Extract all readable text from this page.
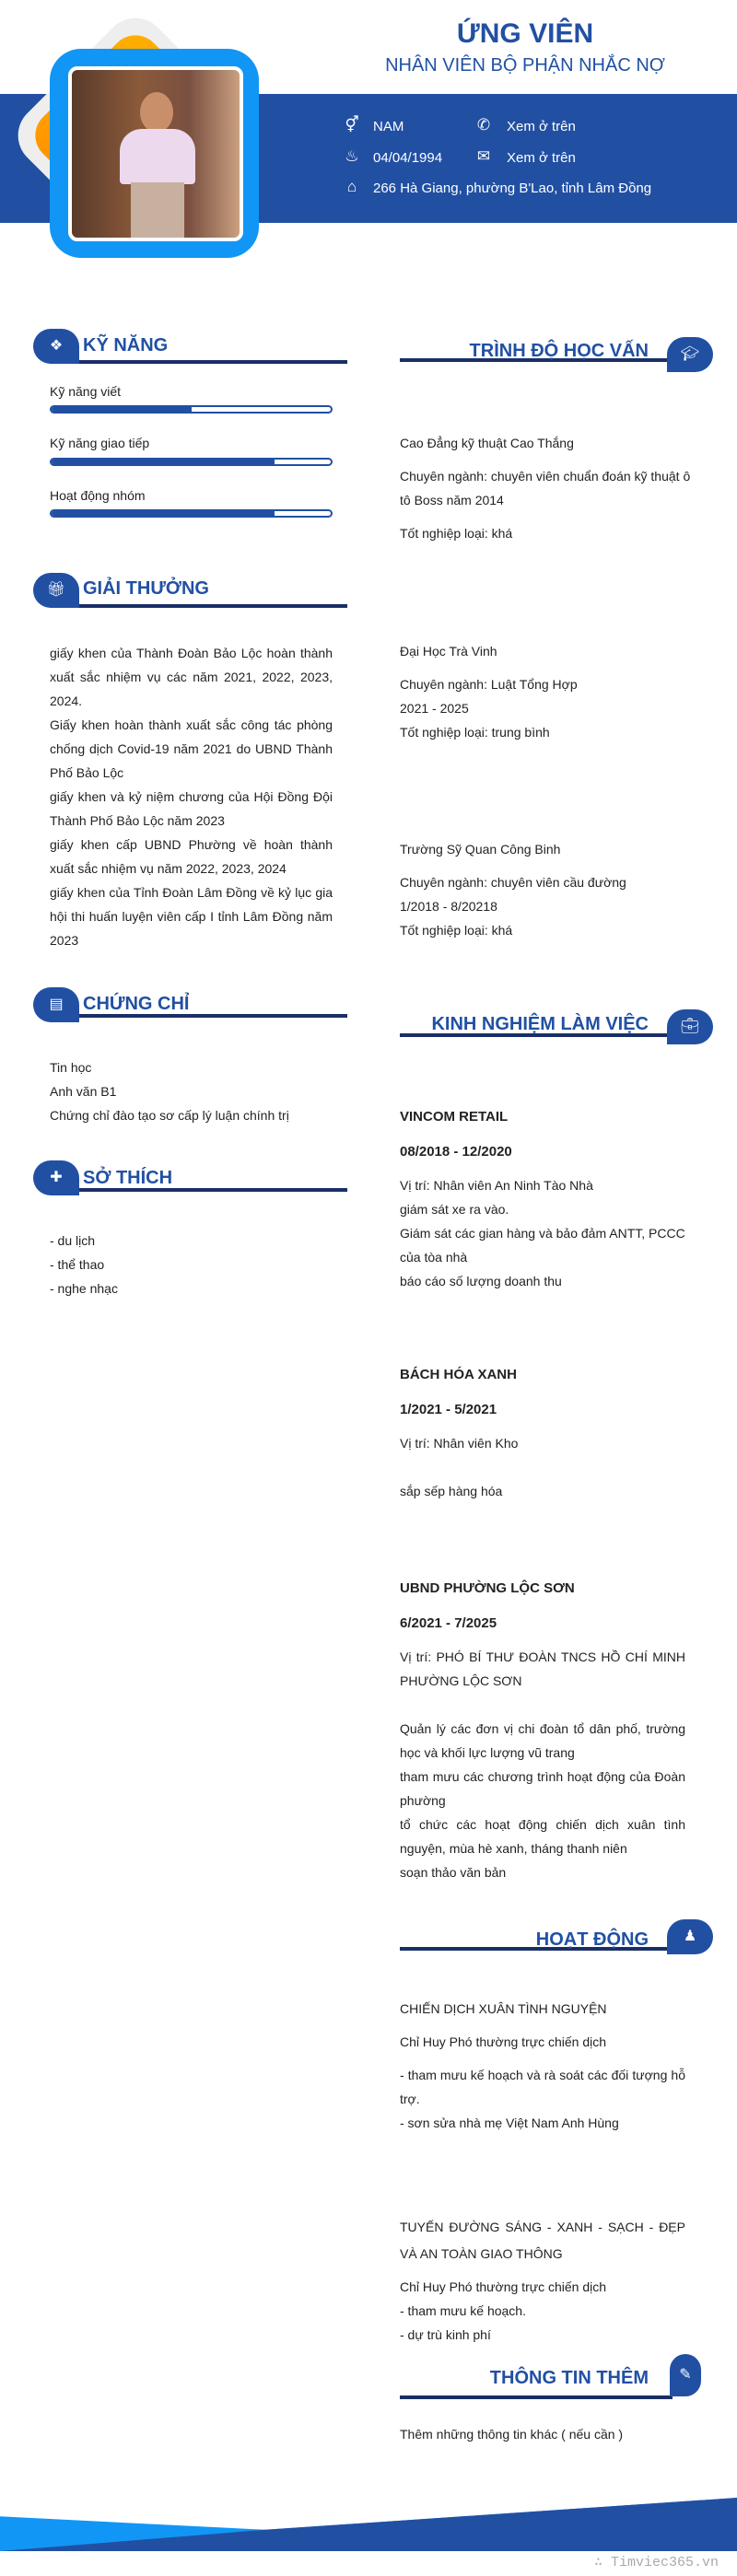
ỨNG VIÊN
NHÂN VIÊN BỘ PHẬN NHẮC NỢ
⚥ NAM	✆ Xem ở trên
♨ 04/04/1994 ✉ Xem ở trên
⌂	266 Hà Giang, phường B'Lao, tỉnh Lâm Đồng
❖	KỸ NĂNG
Kỹ năng viết
Kỹ năng giao tiếp
Hoạt động nhóm
🎁︎ GIẢI THƯỞNG
giấy khen của Thành Đoàn Bảo Lộc hoàn thành xuất sắc nhiệm vụ các năm 2021, 2022, 2023, 2024.
Giấy khen hoàn thành xuất sắc công tác phòng chống dịch Covid-19 năm 2021 do UBND Thành Phố Bảo Lộc
giấy khen và kỷ niệm chương của Hội Đồng Đội Thành Phố Bảo Lộc năm 2023
giấy khen cấp UBND Phường về hoàn thành xuất sắc nhiệm vụ năm 2022, 2023, 2024
giấy khen của Tỉnh Đoàn Lâm Đồng về kỷ lục gia hội thi huấn luyện viên cấp I tỉnh Lâm Đồng năm 2023
▤	CHỨNG CHỈ
Tin học
Anh văn B1
Chứng chỉ đào tạo sơ cấp lý luận chính trị
✚	SỞ THÍCH
- du lịch
- thể thao
- nghe nhạc
TRÌNH ĐỘ HỌC VẤN	🎓︎
Cao Đẳng kỹ thuật Cao Thắng
Chuyên ngành: chuyên viên chuẩn đoán kỹ thuật ô tô Boss năm 2014
Tốt nghiệp loại: khá
Đại Học Trà Vinh
Chuyên ngành: Luật Tổng Hợp
2021 - 2025
Tốt nghiệp loại: trung bình
Trường Sỹ Quan Công Binh
Chuyên ngành: chuyên viên cầu đường
1/2018 - 8/20218
Tốt nghiệp loại: khá
KINH NGHIỆM LÀM VIỆC	💼︎
VINCOM RETAIL
08/2018 - 12/2020
Vị trí: Nhân viên An Ninh Tào Nhà
giám sát xe ra vào.
Giám sát các gian hàng và bảo đảm ANTT, PCCC của tòa nhà
báo cáo số lượng doanh thu
BÁCH HÓA XANH
1/2021 - 5/2021
Vị trí: Nhân viên Kho
sắp sếp hàng hóa
UBND PHƯỜNG LỘC SƠN
6/2021 - 7/2025
Vị trí: PHÓ BÍ THƯ ĐOÀN TNCS HỒ CHÍ MINH PHƯỜNG LỘC SƠN
Quản lý các đơn vị chi đoàn tổ dân phố, trường học và khối lực lượng vũ trang
tham mưu các chương trình hoạt động của Đoàn phường
tổ chức các hoạt động chiến dịch xuân tình nguyện, mùa hè xanh, tháng thanh niên
soạn thảo văn bản
HOẠT ĐỘNG	♟
CHIẾN DỊCH XUÂN TÌNH NGUYỆN
Chỉ Huy Phó thường trực chiến dịch
- tham mưu kế hoạch và rà soát các đối tượng hỗ trợ.
- sơn sửa nhà mẹ Việt Nam Anh Hùng
TUYẾN ĐƯỜNG SÁNG - XANH - SẠCH - ĐẸP VÀ AN TOÀN GIAO THÔNG
Chỉ Huy Phó thường trực chiến dịch
- tham mưu kế hoạch.
- dự trù kinh phí
THÔNG TIN THÊM	✎
Thêm những thông tin khác ( nếu cần )
∴ Timviec365.vn
